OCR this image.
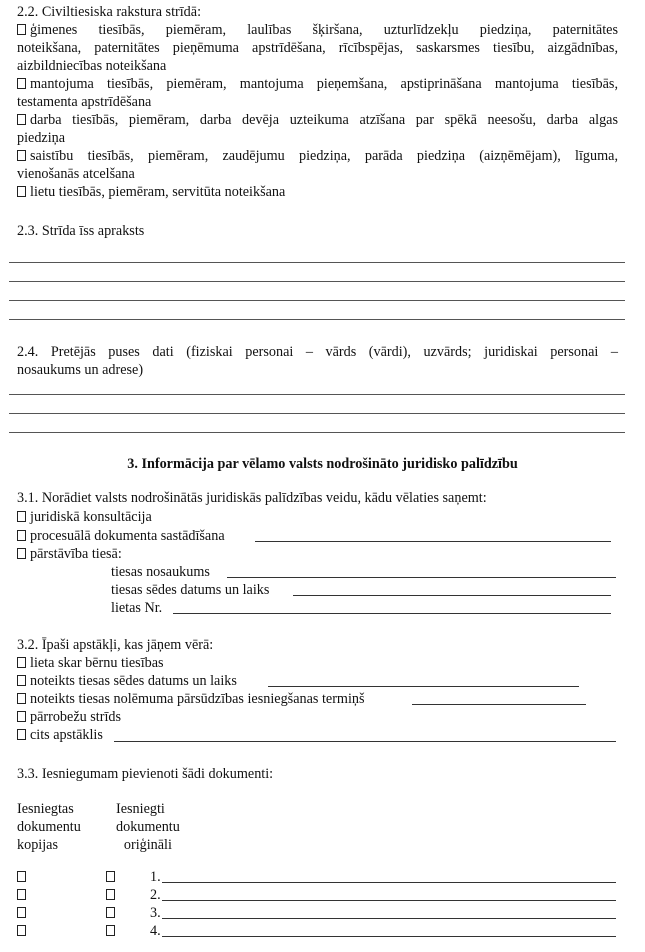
2.2. Civiltiesiska rakstura strīdā:
ģimenes tiesībās, piemēram, laulības šķiršana, uzturlīdzekļu piedziņa, paternitātes
noteikšana, paternitātes pieņēmuma apstrīdēšana, rīcībspējas, saskarsmes tiesību, aizgādnības,
aizbildniecības noteikšana
mantojuma tiesībās, piemēram, mantojuma pieņemšana, apstiprināšana mantojuma tiesībās,
testamenta apstrīdēšana
darba tiesībās, piemēram, darba devēja uzteikuma atzīšana par spēkā neesošu, darba algas
piedziņa
saistību tiesībās, piemēram, zaudējumu piedziņa, parāda piedziņa (aizņēmējam), līguma,
vienošanās atcelšana
lietu tiesībās, piemēram, servitūta noteikšana
2.3. Strīda īss apraksts
2.4. Pretējās puses dati (fiziskai personai – vārds (vārdi), uzvārds; juridiskai personai –
nosaukums un adrese)
3. Informācija par vēlamo valsts nodrošināto juridisko palīdzību
3.1. Norādiet valsts nodrošinātās juridiskās palīdzības veidu, kādu vēlaties saņemt:
juridiskā konsultācija
procesuālā dokumenta sastādīšana
pārstāvība tiesā:
tiesas nosaukums
tiesas sēdes datums un laiks
lietas Nr.
3.2. Īpaši apstākļi, kas jāņem vērā:
lieta skar bērnu tiesības
noteikts tiesas sēdes datums un laiks
noteikts tiesas nolēmuma pārsūdzības iesniegšanas termiņš
pārrobežu strīds
cits apstāklis
3.3. Iesniegumam pievienoti šādi dokumenti:
Iesniegtas
dokumentu
kopijas
Iesniegti
dokumentu
oriģināli
1.
2.
3.
4.
